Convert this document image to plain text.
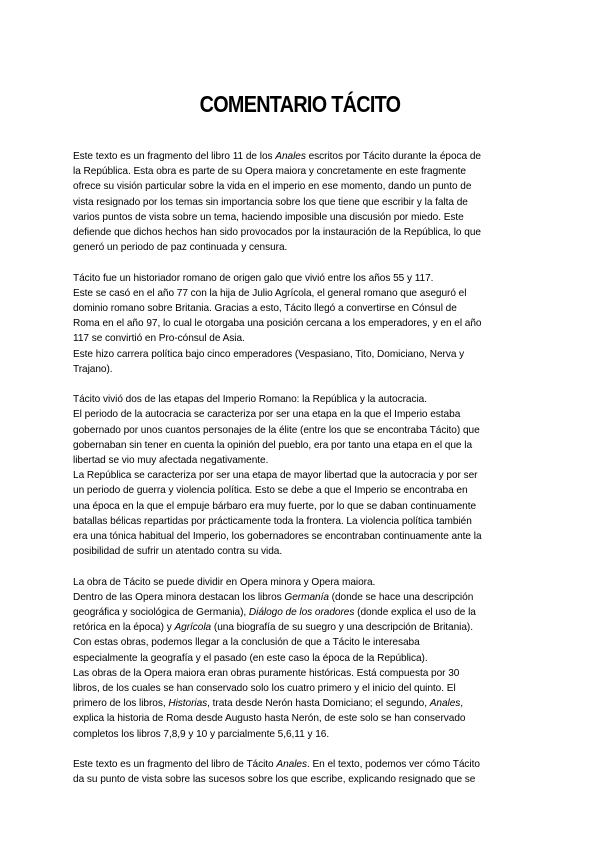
COMENTARIO TÁCITO
Este texto es un fragmento del libro 11 de los Anales escritos por Tácito durante la época de
la República. Esta obra es parte de su Opera maiora y concretamente en este fragmente
ofrece su visión particular sobre la vida en el imperio en ese momento, dando un punto de
vista resignado por los temas sin importancia sobre los que tiene que escribir y la falta de
varios puntos de vista sobre un tema, haciendo imposible una discusión por miedo. Este
defiende que dichos hechos han sido provocados por la instauración de la República, lo que
generó un periodo de paz continuada y censura.
Tácito fue un historiador romano de origen galo que vivió entre los años 55 y 117.
Este se casó en el año 77 con la hija de Julio Agrícola, el general romano que aseguró el
dominio romano sobre Britania. Gracias a esto, Tácito llegó a convertirse en Cónsul de
Roma en el año 97, lo cual le otorgaba una posición cercana a los emperadores, y en el año
117 se convirtió en Pro-cónsul de Asia.
Este hizo carrera política bajo cinco emperadores (Vespasiano, Tito, Domiciano, Nerva y
Trajano).
Tácito vivió dos de las etapas del Imperio Romano: la República y la autocracia.
El periodo de la autocracia se caracteriza por ser una etapa en la que el Imperio estaba
gobernado por unos cuantos personajes de la élite (entre los que se encontraba Tácito) que
gobernaban sin tener en cuenta la opinión del pueblo, era por tanto una etapa en el que la
libertad se vio muy afectada negativamente.
La República se caracteriza por ser una etapa de mayor libertad que la autocracia y por ser
un periodo de guerra y violencia política. Esto se debe a que el Imperio se encontraba en
una época en la que el empuje bárbaro era muy fuerte, por lo que se daban continuamente
batallas bélicas repartidas por prácticamente toda la frontera. La violencia política también
era una tónica habitual del Imperio, los gobernadores se encontraban continuamente ante la
posibilidad de sufrir un atentado contra su vida.
La obra de Tácito se puede dividir en Opera minora y Opera maiora.
Dentro de las Opera minora destacan los libros Germanía (donde se hace una descripción
geográfica y sociológica de Germania), Diálogo de los oradores (donde explica el uso de la
retórica en la época) y Agrícola (una biografía de su suegro y una descripción de Britania).
Con estas obras, podemos llegar a la conclusión de que a Tácito le interesaba
especialmente la geografía y el pasado (en este caso la época de la República).
Las obras de la Opera maiora eran obras puramente históricas. Está compuesta por 30
libros, de los cuales se han conservado solo los cuatro primero y el inicio del quinto. El
primero de los libros, Historias, trata desde Nerón hasta Domiciano; el segundo, Anales,
explica la historia de Roma desde Augusto hasta Nerón, de este solo se han conservado
completos los libros 7,8,9 y 10 y parcialmente 5,6,11 y 16.
Este texto es un fragmento del libro de Tácito Anales. En el texto, podemos ver cómo Tácito
da su punto de vista sobre las sucesos sobre los que escribe, explicando resignado que se
